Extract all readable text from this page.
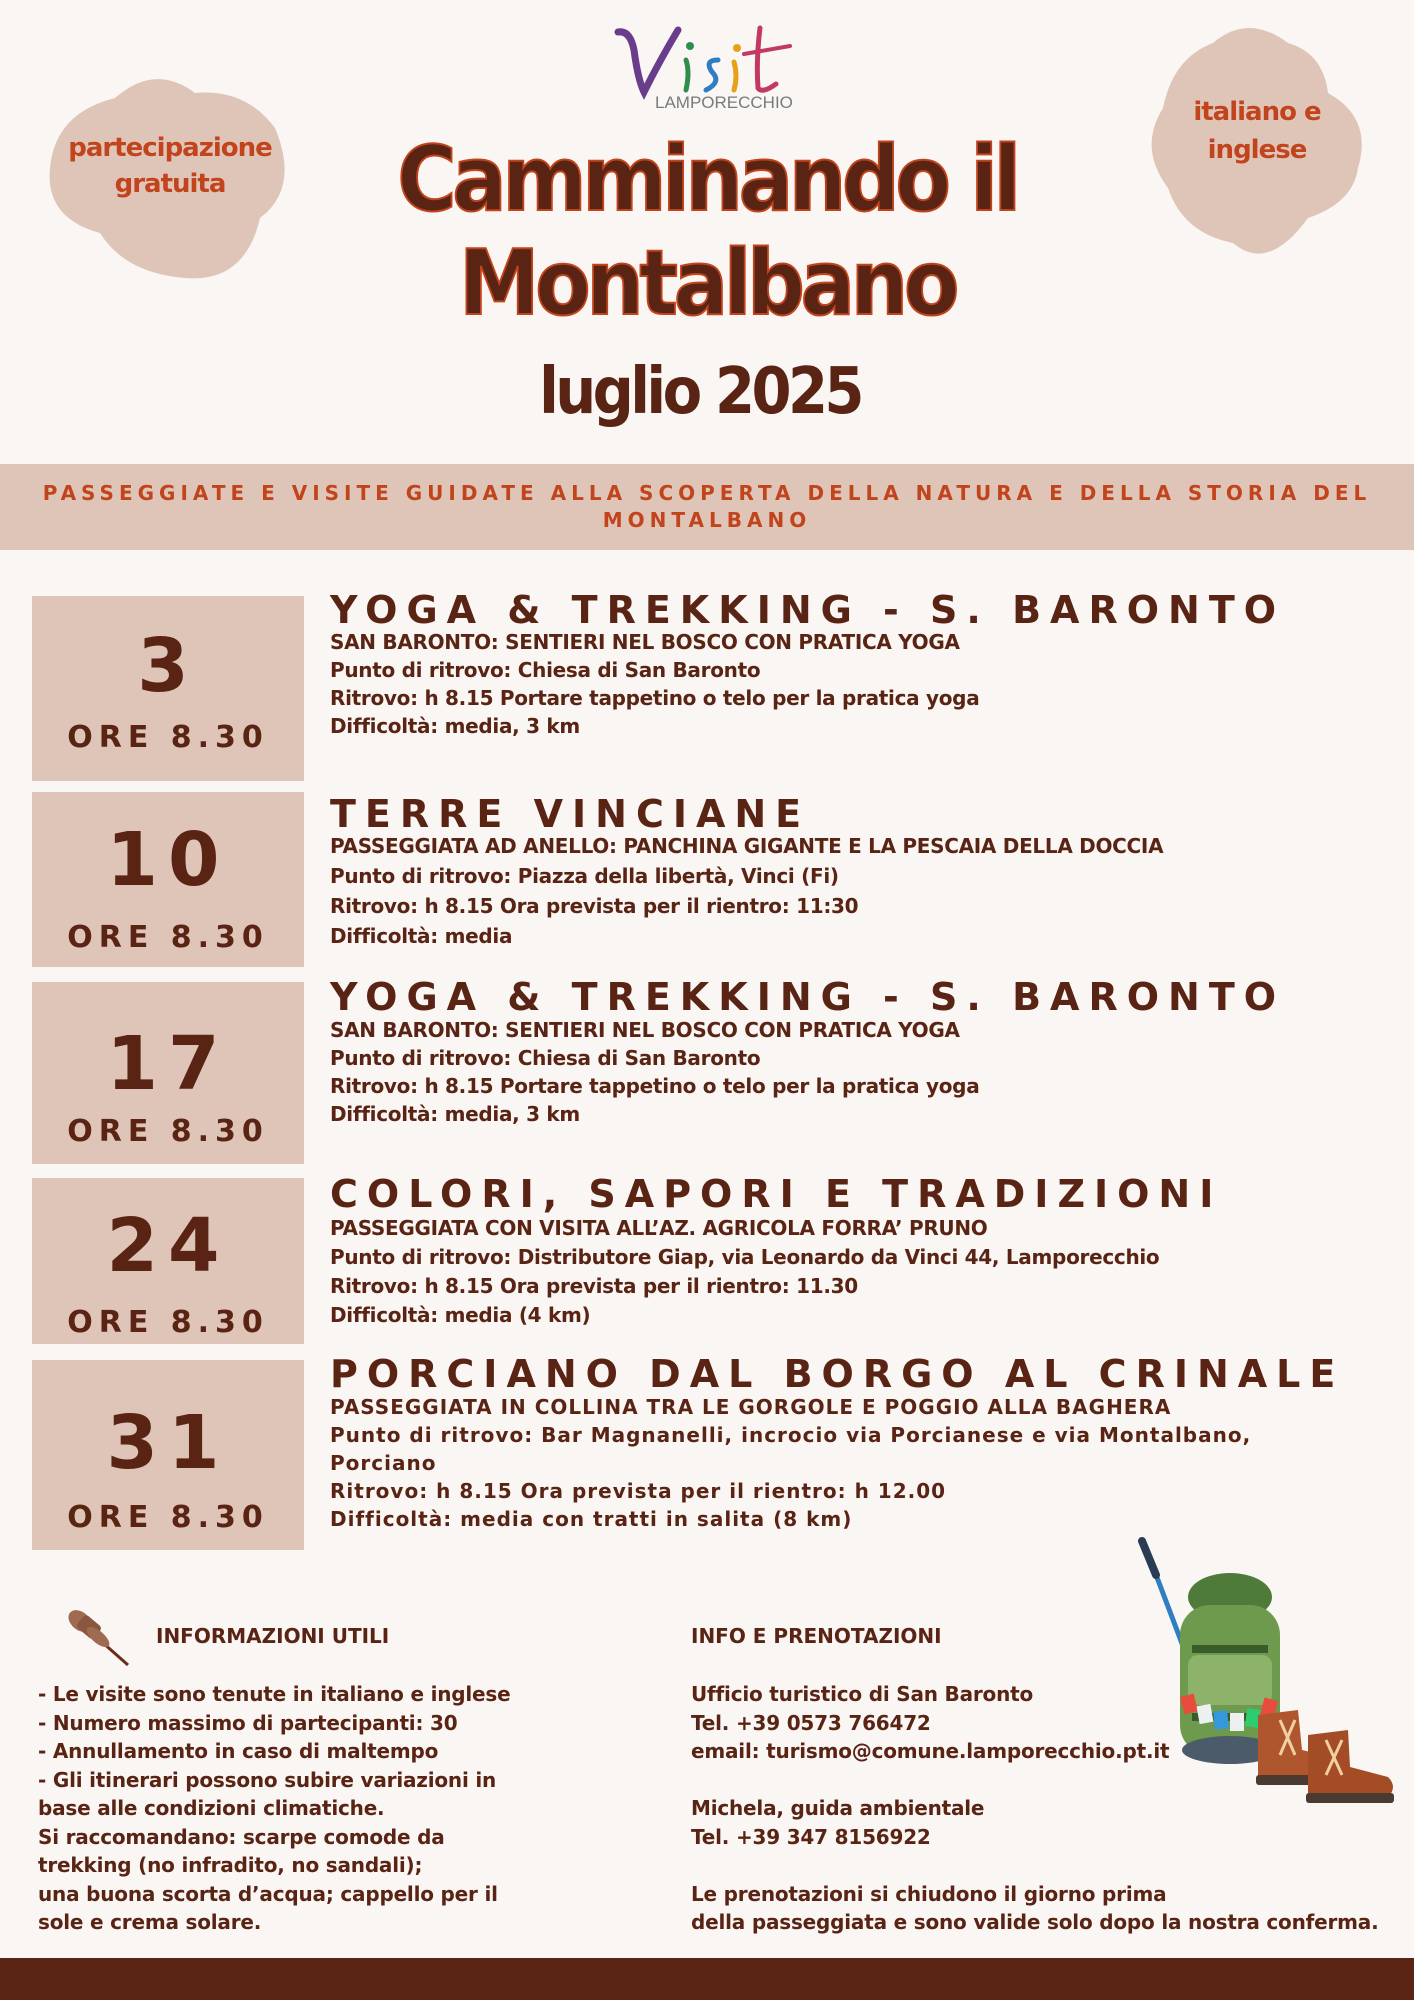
LAMPORECCHIO
partecipazione
gratuita
italiano e
inglese
Camminando il
Montalbano
luglio 2025
PASSEGGIATE E VISITE GUIDATE ALLA SCOPERTA DELLA NATURA E DELLA STORIA DEL MONTALBANO
3
ORE 8.30
YOGA & TREKKING - S. BARONTO
SAN BARONTO: SENTIERI NEL BOSCO CON PRATICA YOGA
Punto di ritrovo: Chiesa di San Baronto
Ritrovo: h 8.15 Portare tappetino o telo per la pratica yoga
Difficoltà: media, 3 km
10
ORE 8.30
TERRE VINCIANE
PASSEGGIATA AD ANELLO: PANCHINA GIGANTE E LA PESCAIA DELLA DOCCIA
Punto di ritrovo: Piazza della libertà, Vinci (Fi)
Ritrovo: h 8.15 Ora prevista per il rientro: 11:30
Difficoltà: media
17
ORE 8.30
YOGA & TREKKING - S. BARONTO
SAN BARONTO: SENTIERI NEL BOSCO CON PRATICA YOGA
Punto di ritrovo: Chiesa di San Baronto
Ritrovo: h 8.15 Portare tappetino o telo per la pratica yoga
Difficoltà: media, 3 km
24
ORE 8.30
COLORI, SAPORI E TRADIZIONI
PASSEGGIATA CON VISITA ALL’AZ. AGRICOLA FORRA’ PRUNO
Punto di ritrovo: Distributore Giap, via Leonardo da Vinci 44, Lamporecchio
Ritrovo: h 8.15 Ora prevista per il rientro: 11.30
Difficoltà: media (4 km)
31
ORE 8.30
PORCIANO DAL BORGO AL CRINALE
PASSEGGIATA IN COLLINA TRA LE GORGOLE E POGGIO ALLA BAGHERA
Punto di ritrovo: Bar Magnanelli, incrocio via Porcianese e via Montalbano,
Porciano
Ritrovo: h 8.15 Ora prevista per il rientro: h 12.00
Difficoltà: media con tratti in salita (8 km)
INFORMAZIONI UTILI
- Le visite sono tenute in italiano e inglese
- Numero massimo di partecipanti: 30
- Annullamento in caso di maltempo
- Gli itinerari possono subire variazioni in
base alle condizioni climatiche.
Si raccomandano: scarpe comode da
trekking (no infradito, no sandali);
una buona scorta d’acqua; cappello per il
sole e crema solare.
INFO E PRENOTAZIONI
Ufficio turistico di San Baronto
Tel. +39 0573 766472
email: turismo@comune.lamporecchio.pt.it
Michela, guida ambientale
Tel. +39 347 8156922
Le prenotazioni si chiudono il giorno prima
della passeggiata e sono valide solo dopo la nostra conferma.
